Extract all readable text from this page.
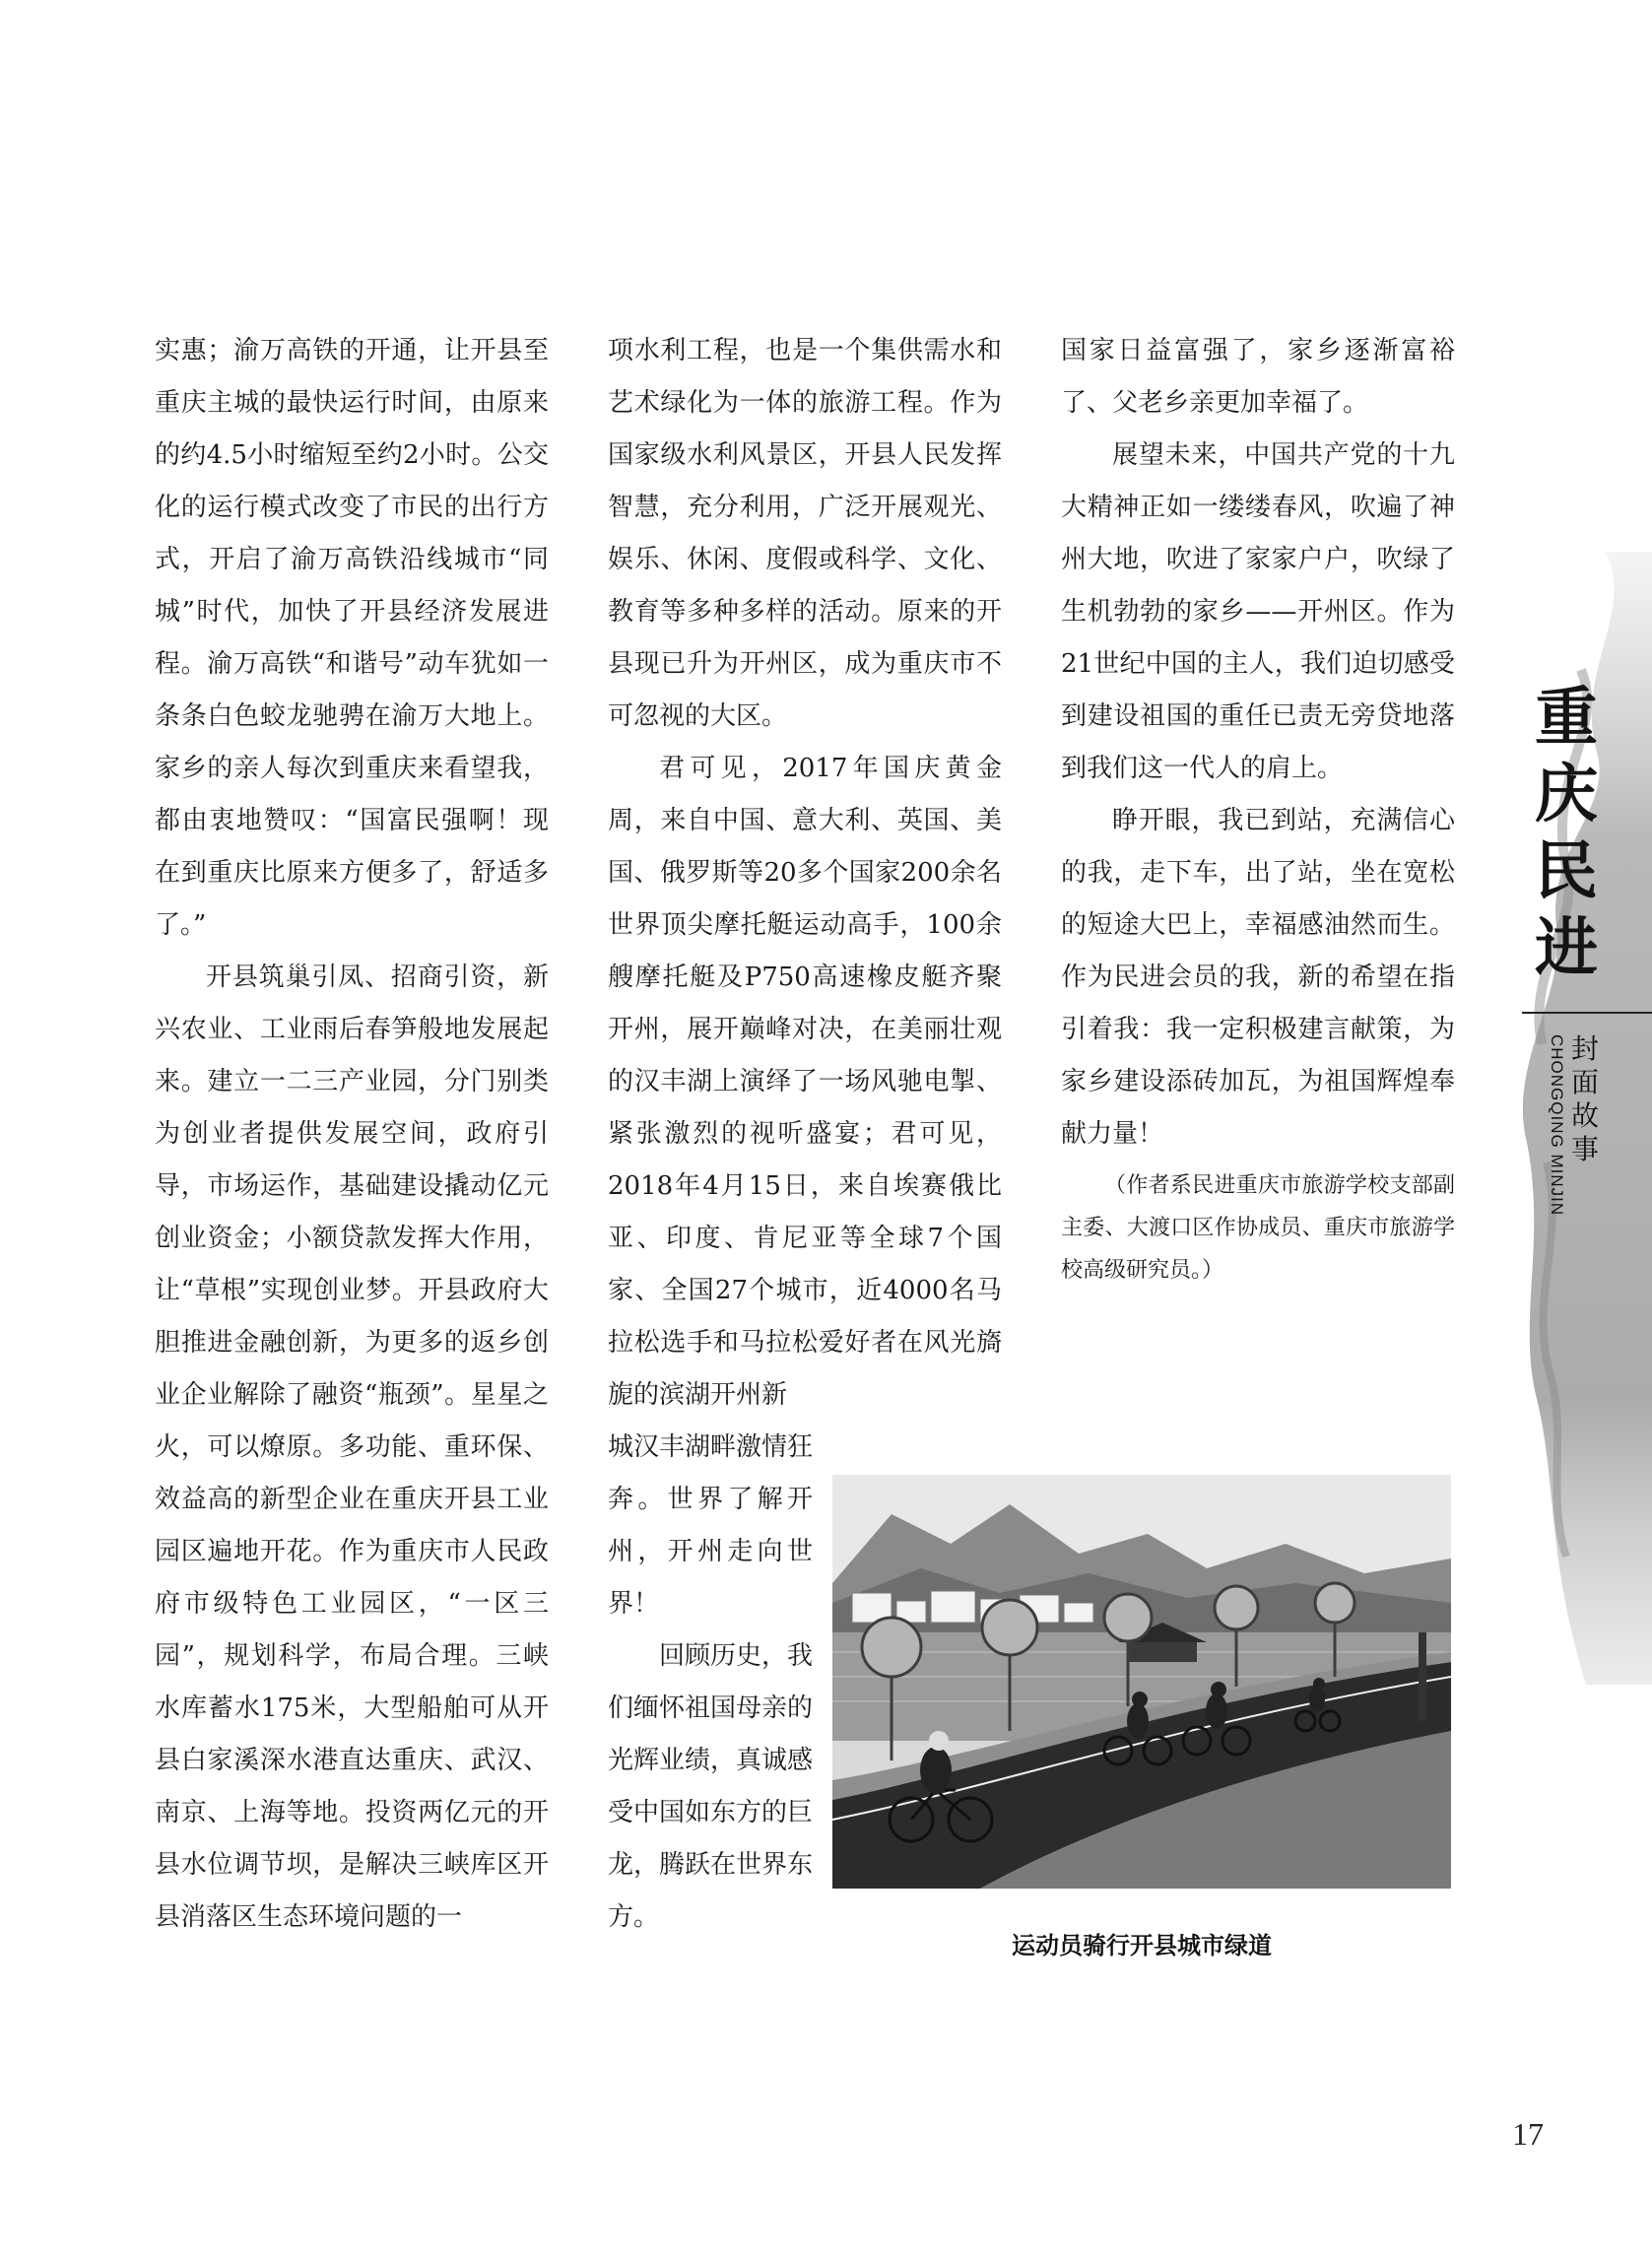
重
庆
民
进
CHONGQING MINJIN 封
面
故
事

实惠；渝万高铁的开通，让开县至重庆主城的最快运行时间，由原来的约4.5小时缩短至约2小时。公交化的运行模式改变了市民的出行方式，开启了渝万高铁沿线城市“同城”时代，加快了开县经济发展进程。渝万高铁“和谐号”动车犹如一条条白色蛟龙驰骋在渝万大地上。家乡的亲人每次到重庆来看望我，都由衷地赞叹：“国富民强啊！现在到重庆比原来方便多了，舒适多了。”

开县筑巢引凤、招商引资，新兴农业、工业雨后春笋般地发展起来。建立一二三产业园，分门别类为创业者提供发展空间，政府引导，市场运作，基础建设撬动亿元创业资金；小额贷款发挥大作用，让“草根”实现创业梦。开县政府大胆推进金融创新，为更多的返乡创业企业解除了融资“瓶颈”。星星之火，可以燎原。多功能、重环保、效益高的新型企业在重庆开县工业园区遍地开花。作为重庆市人民政府市级特色工业园区，“一区三园”，规划科学，布局合理。三峡水库蓄水175米，大型船舶可从开县白家溪深水港直达重庆、武汉、南京、上海等地。投资两亿元的开县水位调节坝，是解决三峡库区开县消落区生态环境问题的一

项水利工程，也是一个集供需水和艺术绿化为一体的旅游工程。作为国家级水利风景区，开县人民发挥智慧，充分利用，广泛开展观光、娱乐、休闲、度假或科学、文化、教育等多种多样的活动。原来的开县现已升为开州区，成为重庆市不可忽视的大区。

君可见，2017年国庆黄金周，来自中国、意大利、英国、美国、俄罗斯等20多个国家200余名世界顶尖摩托艇运动高手，100余艘摩托艇及P750高速橡皮艇齐聚开州，展开巅峰对决，在美丽壮观的汉丰湖上演绎了一场风驰电掣、紧张激烈的视听盛宴；君可见，2018年4月15日，来自埃赛俄比亚、印度、肯尼亚等全球7个国家、全国27个城市，近4000名马拉松选手和马拉松爱好者在风光旖旎的滨湖开州新

城汉丰湖畔激情狂奔。世界了解开州，开州走向世界！

回顾历史，我们缅怀祖国母亲的光辉业绩，真诚感受中国如东方的巨龙，腾跃在世界东方。

国家日益富强了，家乡逐渐富裕了、父老乡亲更加幸福了。

展望未来，中国共产党的十九大精神正如一缕缕春风，吹遍了神州大地，吹进了家家户户，吹绿了生机勃勃的家乡——开州区。作为21世纪中国的主人，我们迫切感受到建设祖国的重任已责无旁贷地落到我们这一代人的肩上。

睁开眼，我已到站，充满信心的我，走下车，出了站，坐在宽松的短途大巴上，幸福感油然而生。作为民进会员的我，新的希望在指引着我：我一定积极建言献策，为家乡建设添砖加瓦，为祖国辉煌奉献力量！

（作者系民进重庆市旅游学校支部副主委、大渡口区作协成员、重庆市旅游学校高级研究员。）

运动员骑行开县城市绿道
17
